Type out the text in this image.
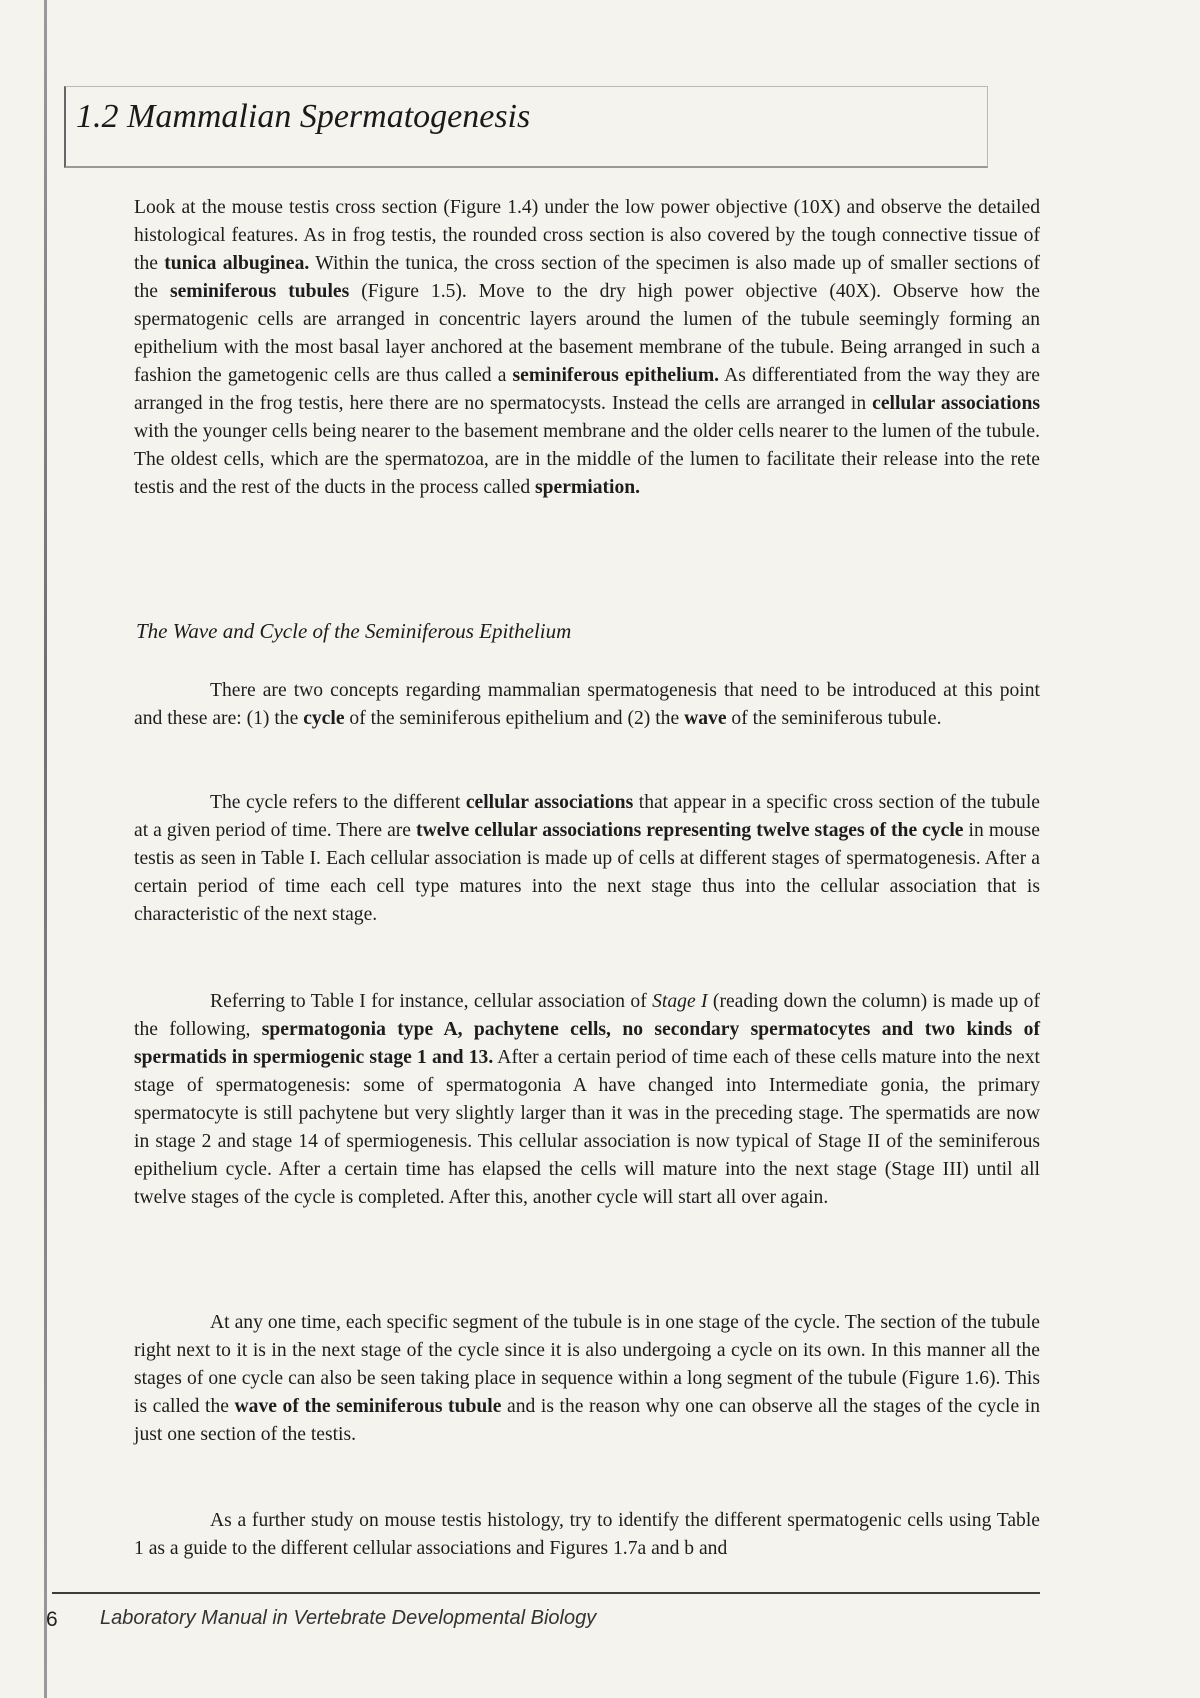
1.2 Mammalian Spermatogenesis

Look at the mouse testis cross section (Figure 1.4) under the low power objective (10X) and observe the detailed histological features. As in frog testis, the rounded cross section is also covered by the tough connective tissue of the tunica albuginea. Within the tunica, the cross section of the specimen is also made up of smaller sections of the seminiferous tubules (Figure 1.5). Move to the dry high power objective (40X). Observe how the spermatogenic cells are arranged in concentric layers around the lumen of the tubule seemingly forming an epithelium with the most basal layer anchored at the basement membrane of the tubule. Being arranged in such a fashion the gametogenic cells are thus called a seminiferous epithelium. As differentiated from the way they are arranged in the frog testis, here there are no spermatocysts. Instead the cells are arranged in cellular associations with the younger cells being nearer to the basement membrane and the older cells nearer to the lumen of the tubule. The oldest cells, which are the spermatozoa, are in the middle of the lumen to facilitate their release into the rete testis and the rest of the ducts in the process called spermiation.

The Wave and Cycle of the Seminiferous Epithelium

There are two concepts regarding mammalian spermatogenesis that need to be introduced at this point and these are: (1) the cycle of the seminiferous epithelium and (2) the wave of the seminiferous tubule.

The cycle refers to the different cellular associations that appear in a specific cross section of the tubule at a given period of time. There are twelve cellular associations representing twelve stages of the cycle in mouse testis as seen in Table I. Each cellular association is made up of cells at different stages of spermatogenesis. After a certain period of time each cell type matures into the next stage thus into the cellular association that is characteristic of the next stage.

Referring to Table I for instance, cellular association of Stage I (reading down the column) is made up of the following, spermatogonia type A, pachytene cells, no secondary spermatocytes and two kinds of spermatids in spermiogenic stage 1 and 13. After a certain period of time each of these cells mature into the next stage of spermatogenesis: some of spermatogonia A have changed into Intermediate gonia, the primary spermatocyte is still pachytene but very slightly larger than it was in the preceding stage. The spermatids are now in stage 2 and stage 14 of spermiogenesis. This cellular association is now typical of Stage II of the seminiferous epithelium cycle. After a certain time has elapsed the cells will mature into the next stage (Stage III) until all twelve stages of the cycle is completed. After this, another cycle will start all over again.

At any one time, each specific segment of the tubule is in one stage of the cycle. The section of the tubule right next to it is in the next stage of the cycle since it is also undergoing a cycle on its own. In this manner all the stages of one cycle can also be seen taking place in sequence within a long segment of the tubule (Figure 1.6). This is called the wave of the seminiferous tubule and is the reason why one can observe all the stages of the cycle in just one section of the testis.

As a further study on mouse testis histology, try to identify the different spermatogenic cells using Table 1 as a guide to the different cellular associations and Figures 1.7a and b and

6 Laboratory Manual in Vertebrate Developmental Biology
